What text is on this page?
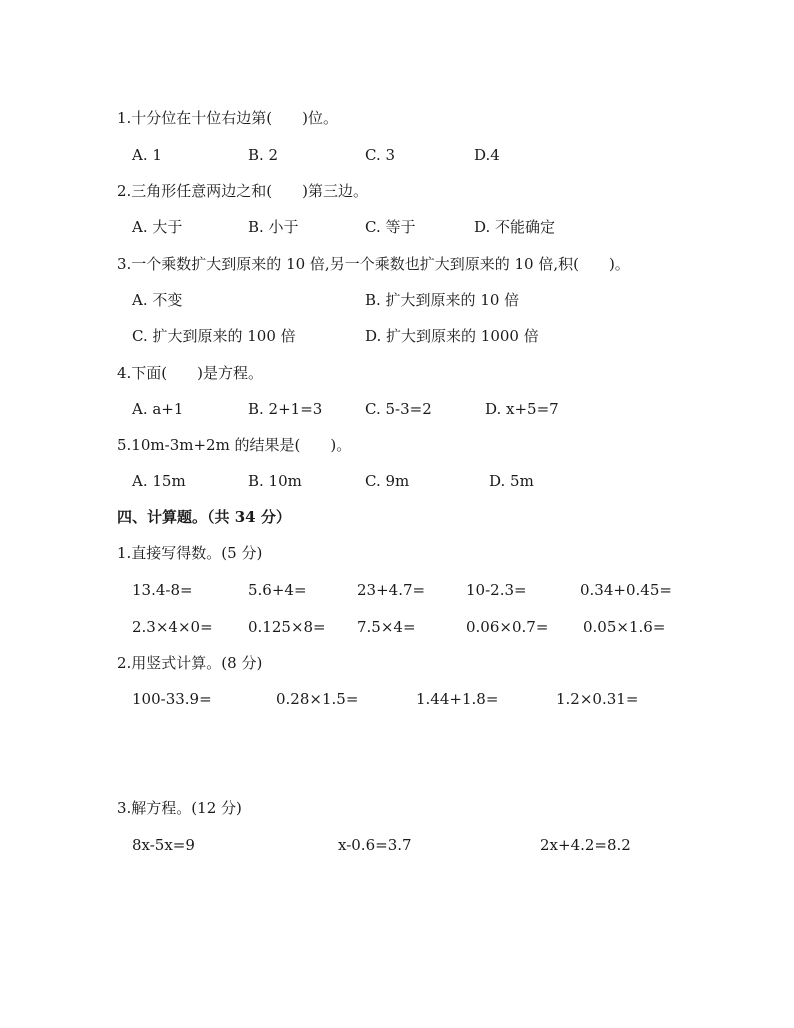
1.十分位在十位右边第(　　)位。
A. 1	B. 2	C. 3	D.4
2.三角形任意两边之和(　　)第三边。
A. 大于	B. 小于	C. 等于	D. 不能确定
3.一个乘数扩大到原来的 10 倍,另一个乘数也扩大到原来的 10 倍,积(　　)。
A. 不变	B. 扩大到原来的 10 倍
C. 扩大到原来的 100 倍	D. 扩大到原来的 1000 倍
4.下面(　　)是方程。
A. a+1	B. 2+1=3	C. 5-3=2	D. x+5=7
5.10m-3m+2m 的结果是(　　)。
A. 15m	B. 10m	C. 9m	D. 5m
四、计算题。（共 34 分）
1.直接写得数。(5 分)
13.4-8=	5.6+4=	23+4.7=	10-2.3=	0.34+0.45=
2.3×4×0= 0.125×8= 7.5×4=	0.06×0.7= 0.05×1.6=
2.用竖式计算。(8 分)
100-33.9=	0.28×1.5=	1.44+1.8=	1.2×0.31=
3.解方程。(12 分)
8x-5x=9	x-0.6=3.7	2x+4.2=8.2
